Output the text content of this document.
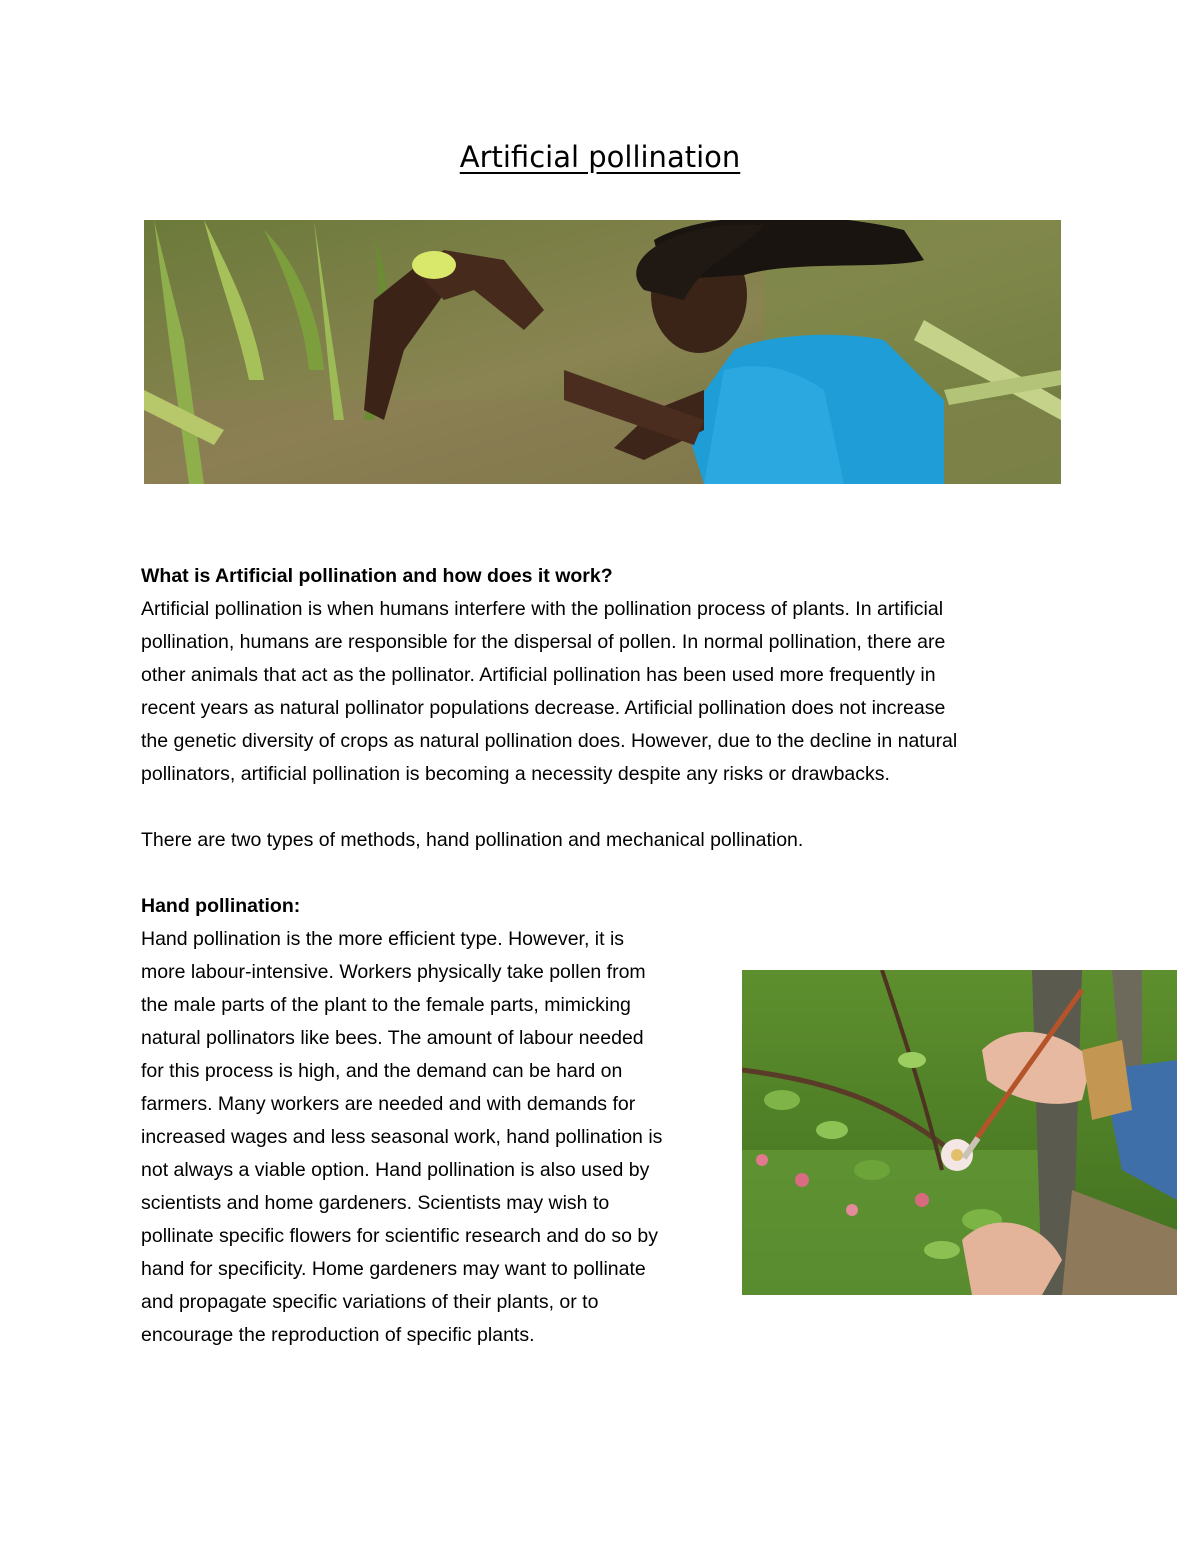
Artificial pollination
What is Artificial pollination and how does it work?
Artificial pollination is when humans interfere with the pollination process of plants. In artificial
pollination, humans are responsible for the dispersal of pollen. In normal pollination, there are
other animals that act as the pollinator. Artificial pollination has been used more frequently in
recent years as natural pollinator populations decrease. Artificial pollination does not increase
the genetic diversity of crops as natural pollination does. However, due to the decline in natural
pollinators, artificial pollination is becoming a necessity despite any risks or drawbacks.
There are two types of methods, hand pollination and mechanical pollination.
Hand pollination:
Hand pollination is the more efficient type. However, it is
more labour-intensive. Workers physically take pollen from
the male parts of the plant to the female parts, mimicking
natural pollinators like bees. The amount of labour needed
for this process is high, and the demand can be hard on
farmers. Many workers are needed and with demands for
increased wages and less seasonal work, hand pollination is
not always a viable option. Hand pollination is also used by
scientists and home gardeners. Scientists may wish to
pollinate specific flowers for scientific research and do so by
hand for specificity. Home gardeners may want to pollinate
and propagate specific variations of their plants, or to
encourage the reproduction of specific plants.
